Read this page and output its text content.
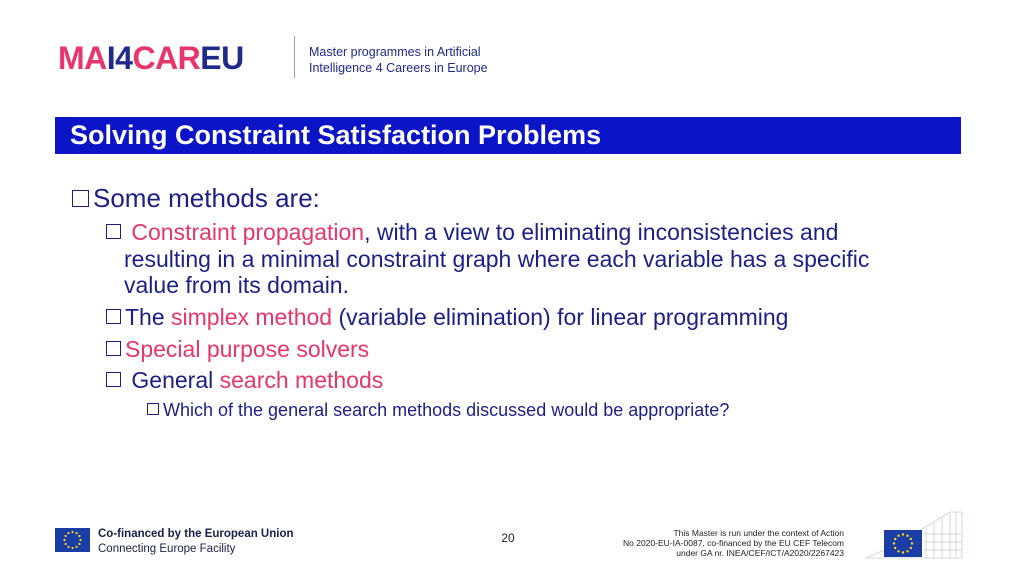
MAI4CAREU	Master programmes in Artificial
Intelligence 4 Careers in Europe
Solving Constraint Satisfaction Problems
Some methods are:
Constraint propagation, with a view to eliminating inconsistencies and
resulting in a minimal constraint graph where each variable has a specific
value from its domain.
The simplex method (variable elimination) for linear programming
Special purpose solvers
General search methods
Which of the general search methods discussed would be appropriate?
Co-financed by the European Union
Connecting Europe Facility
20	This Master is run under the context of Action
No 2020-EU-IA-0087, co-financed by the EU CEF Telecom
under GA nr. INEA/CEF/ICT/A2020/2267423
